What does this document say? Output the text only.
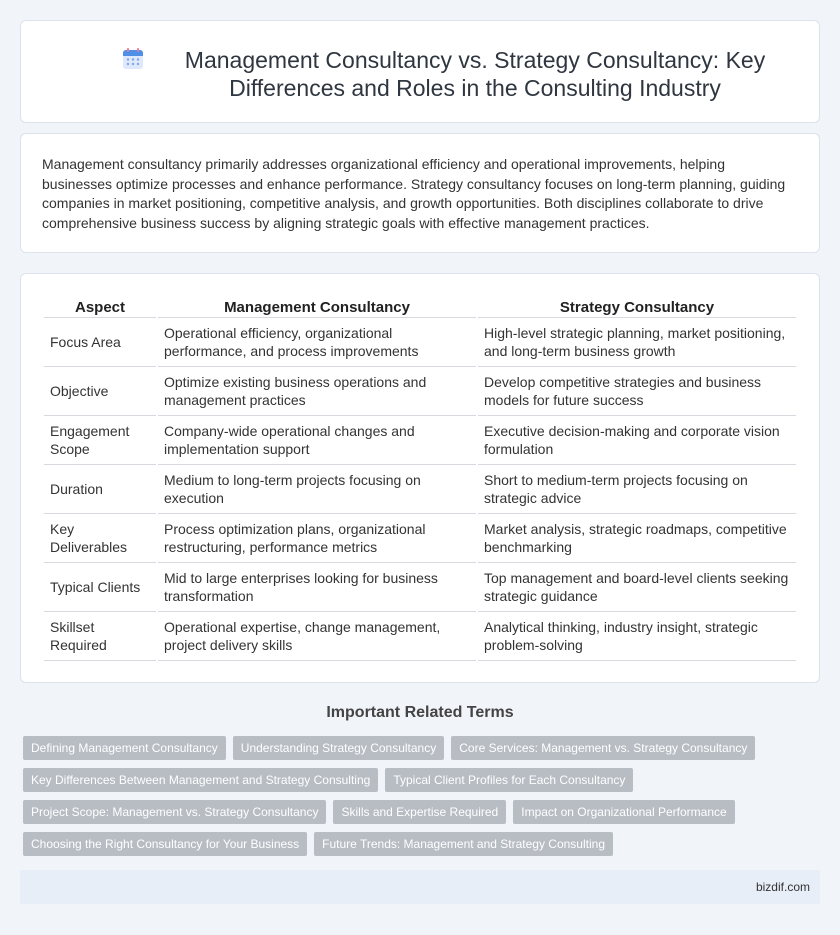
Management Consultancy vs. Strategy Consultancy: Key Differences and Roles in the Consulting Industry

Management consultancy primarily addresses organizational efficiency and operational improvements, helping businesses optimize processes and enhance performance. Strategy consultancy focuses on long-term planning, guiding companies in market positioning, competitive analysis, and growth opportunities. Both disciplines collaborate to drive comprehensive business success by aligning strategic goals with effective management practices.

Aspect	Management Consultancy	Strategy Consultancy
Focus Area	Operational efficiency, organizational performance, and process improvements	High-level strategic planning, market positioning, and long-term business growth
Objective	Optimize existing business operations and management practices	Develop competitive strategies and business models for future success
Engagement Scope	Company-wide operational changes and implementation support	Executive decision-making and corporate vision formulation
Duration	Medium to long-term projects focusing on execution	Short to medium-term projects focusing on strategic advice
Key Deliverables	Process optimization plans, organizational restructuring, performance metrics	Market analysis, strategic roadmaps, competitive benchmarking
Typical Clients	Mid to large enterprises looking for business transformation	Top management and board-level clients seeking strategic guidance
Skillset Required	Operational expertise, change management, project delivery skills	Analytical thinking, industry insight, strategic problem-solving
Important Related Terms
Defining Management Consultancy	Understanding Strategy Consultancy	Core Services: Management vs. Strategy Consultancy
Key Differences Between Management and Strategy Consulting	Typical Client Profiles for Each Consultancy
Project Scope: Management vs. Strategy Consultancy	Skills and Expertise Required	Impact on Organizational Performance
Choosing the Right Consultancy for Your Business	Future Trends: Management and Strategy Consulting
bizdif.com
